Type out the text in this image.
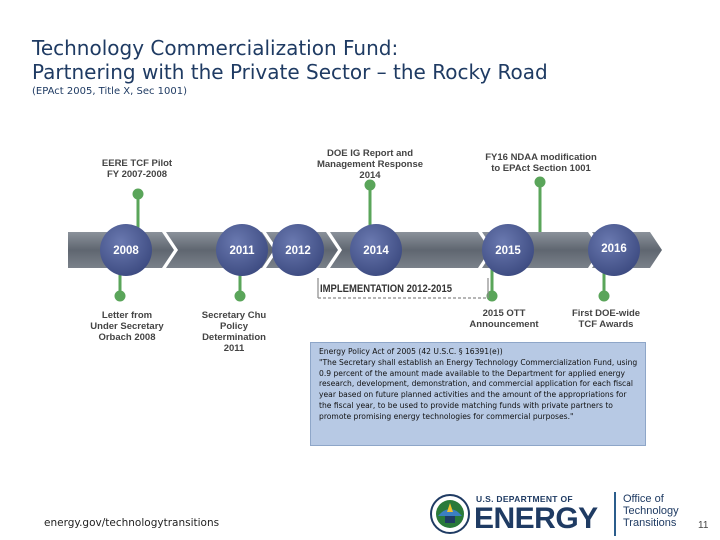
Technology Commercialization Fund:
Partnering with the Private Sector – the Rocky Road
(EPAct 2005, Title X, Sec 1001)
2008	2011	2012	2014	2015	2016
IMPLEMENTATION 2012-2015
EERE TCF Pilot
FY 2007-2008
DOE IG Report and
Management Response
2014
FY16 NDAA modification
to EPAct Section 1001
Letter from
Under Secretary
Orbach 2008
Secretary Chu
Policy
Determination
2011
2015 OTT
Announcement
First DOE-wide
TCF Awards

Energy Policy Act of 2005 (42 U.S.C. § 16391(e))

"The Secretary shall establish an Energy Technology Commercialization Fund, using 0.9 percent of the amount made available to the Department for applied energy research, development, demonstration, and commercial application for each fiscal year based on future planned activities and the amount of the appropriations for the fiscal year, to be used to provide matching funds with private partners to promote promising energy technologies for commercial purposes."

energy.gov/technologytransitions
U.S. DEPARTMENT OF
ENERGY
Office of
Technology
Transitions 11
